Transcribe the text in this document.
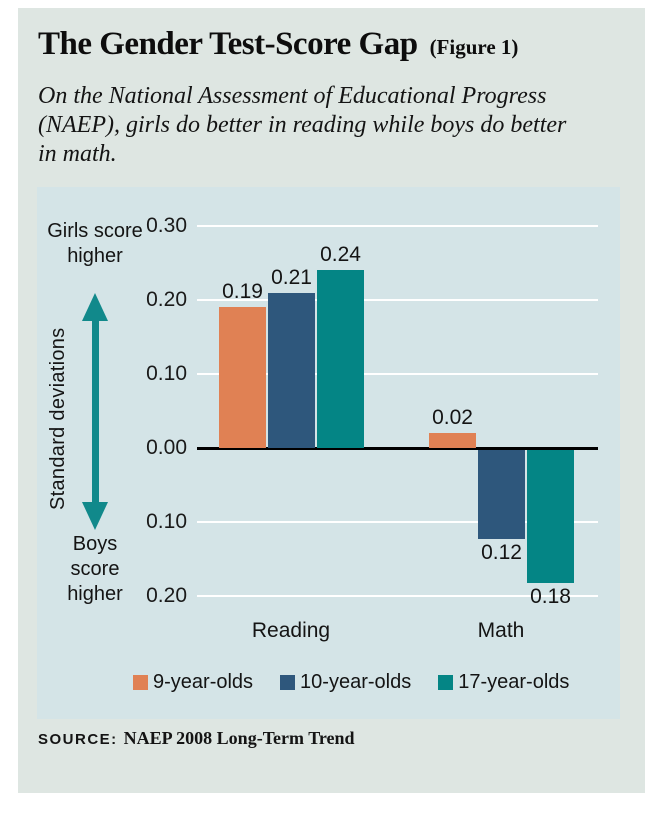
The Gender Test-Score Gap (Figure 1)
On the National Assessment of Educational Progress
(NAEP), girls do better in reading while boys do better
in math.
Girls score higher
Boys score higher
Standard deviations
0.30
0.20
0.10
0.00
0.10
0.20
0.19
0.21
0.24
0.02
0.12
0.18
Reading	Math
9-year-olds 10-year-olds 17-year-olds
SOURCE: NAEP 2008 Long-Term Trend
